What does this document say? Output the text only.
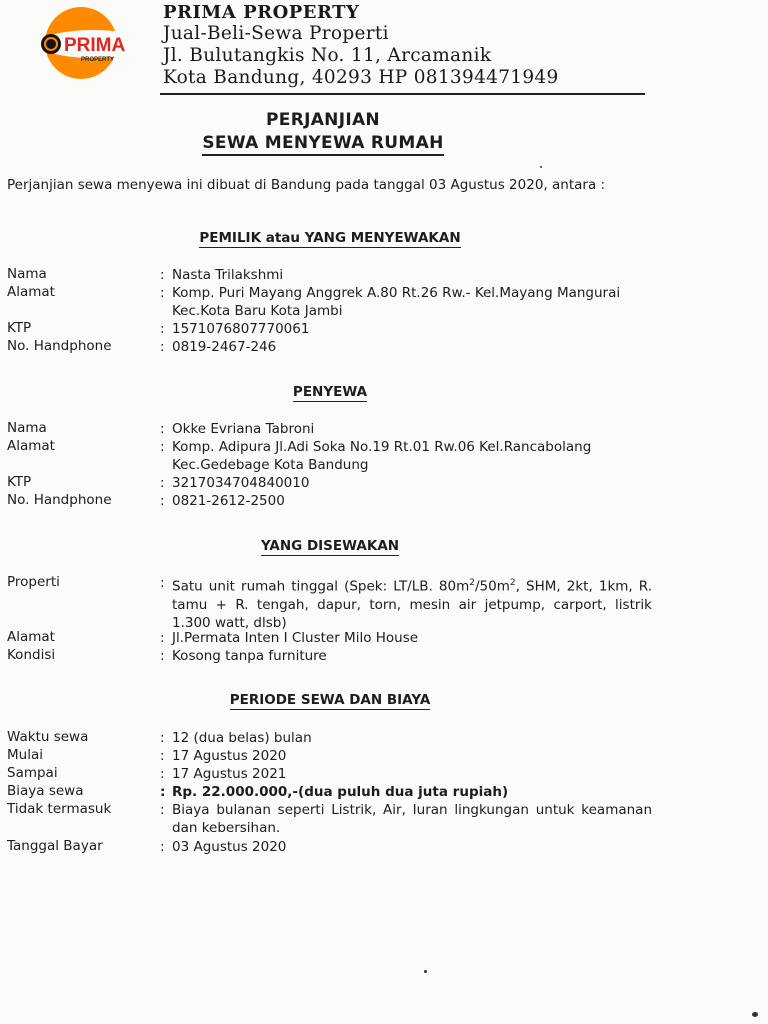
PRIMA
PROPERTY
PRIMA PROPERTY
Jual-Beli-Sewa Properti
Jl. Bulutangkis No. 11, Arcamanik
Kota Bandung, 40293 HP 081394471949
PERJANJIAN
SEWA MENYEWA RUMAH
Perjanjian sewa menyewa ini dibuat di Bandung pada tanggal 03 Agustus 2020, antara :
PEMILIK atau YANG MENYEWAKAN
Nama	: Nasta Trilakshmi
Alamat	: Komp. Puri Mayang Anggrek A.80 Rt.26 Rw.- Kel.Mayang Mangurai
Kec.Kota Baru Kota Jambi
KTP	: 1571076807770061
No. Handphone	: 0819-2467-246
PENYEWA
Nama	: Okke Evriana Tabroni
Alamat	: Komp. Adipura Jl.Adi Soka No.19 Rt.01 Rw.06 Kel.Rancabolang
Kec.Gedebage Kota Bandung
KTP	: 3217034704840010
No. Handphone	: 0821-2612-2500
YANG DISEWAKAN
Properti	: Satu unit rumah tinggal (Spek: LT/LB. $80m^2/50m^2$, SHM, 2kt, 1km, R. tamu + R. tengah, dapur, torn, mesin air jetpump, carport, listrik 1.300 watt, dlsb)
Alamat	: Jl.Permata Inten I Cluster Milo House
Kondisi	: Kosong tanpa furniture
PERIODE SEWA DAN BIAYA
Waktu sewa	: 12 (dua belas) bulan
Mulai	: 17 Agustus 2020
Sampai	: 17 Agustus 2021
Biaya sewa	: Rp. 22.000.000,-(dua puluh dua juta rupiah)
Tidak termasuk	: Biaya bulanan seperti Listrik, Air, Iuran lingkungan untuk keamanan dan kebersihan.
Tanggal Bayar	: 03 Agustus 2020
